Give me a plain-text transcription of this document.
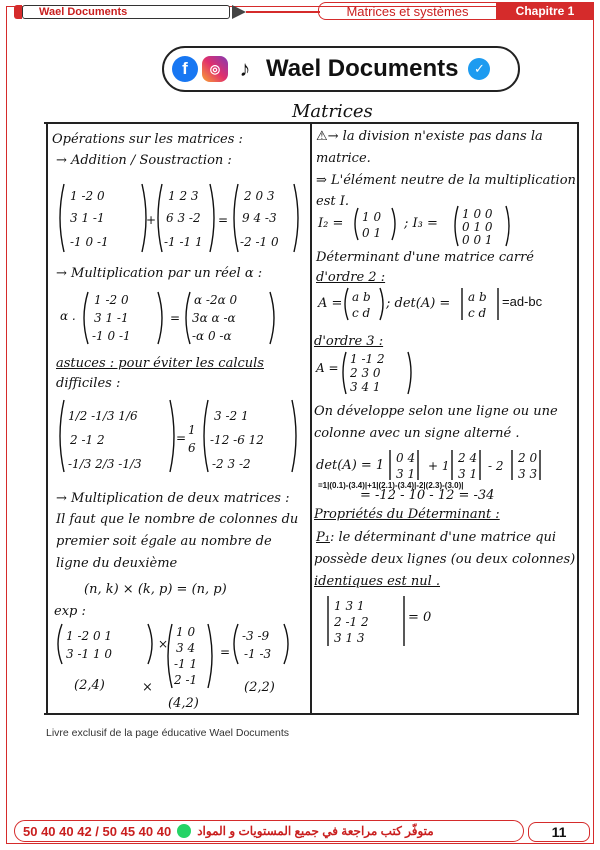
Wael Documents	Matrices et systèmes	Chapitre 1
f	◎ ♪ Wael Documents	✓
Matrices
Opérations sur les matrices :
→ Addition / Soustraction :
1 -2 0
3 1 -1
-1 0 -1
+
1 2 3
6 3 -2
-1 -1 1
=
2 0 3
9 4 -3
-2 -1 0
→ Multiplication par un réel α :
α .
1 -2 0
3 1 -1
-1 0 -1
=
α -2α 0
3α α -α
-α 0 -α
astuces : pour éviter les calculs
difficiles :
1/2 -1/3 1/6
2 -1 2
-1/3 2/3 -1/3
=
1
6
3 -2 1
-12 -6 12
-2 3 -2
→ Multiplication de deux matrices :
Il faut que le nombre de colonnes du
premier soit égale au nombre de
ligne du deuxième
(n, k) × (k, p) = (n, p)
exp :
1 -2 0 1
3 -1 1 0
×
1 0
3 4
-1 1
2 -1
=
-3 -9
-1 -3
(2,4)	×
(4,2)
(2,2)
⚠→ la division n'existe pas dans la
matrice.
⇒ L'élément neutre de la multiplication
est I.
I₂ = 1 0
0 1
; I₃ =
1 0 0
0 1 0
0 0 1
Déterminant d'une matrice carré
d'ordre 2 :
A = a b
c d
; det(A) = a b
c d
=ad-bc
d'ordre 3 :
A =
1 -1 2
2 3 0
3 4 1
On développe selon une ligne ou une
colonne avec un signe alterné .
det(A) = 1 0 4
3 1
+ 1
2 4
3 1
- 2
2 0
3 3
=1|(0.1)-(3.4)|+1|(2.1)-(3.4)|-2|(2.3)-(3.0)|
= -12 - 10 - 12 = -34
Propriétés du Déterminant :
P₁: le déterminant d'une matrice qui
possède deux lignes (ou deux colonnes)
identiques est nul .
1 3 1
2 -1 2
3 1 3
= 0
Livre exclusif de la page éducative Wael Documents
50 40 40 42 / 50 45 40 40 متوفّر كتب مراجعة في جميع المستويات و المواد	11
